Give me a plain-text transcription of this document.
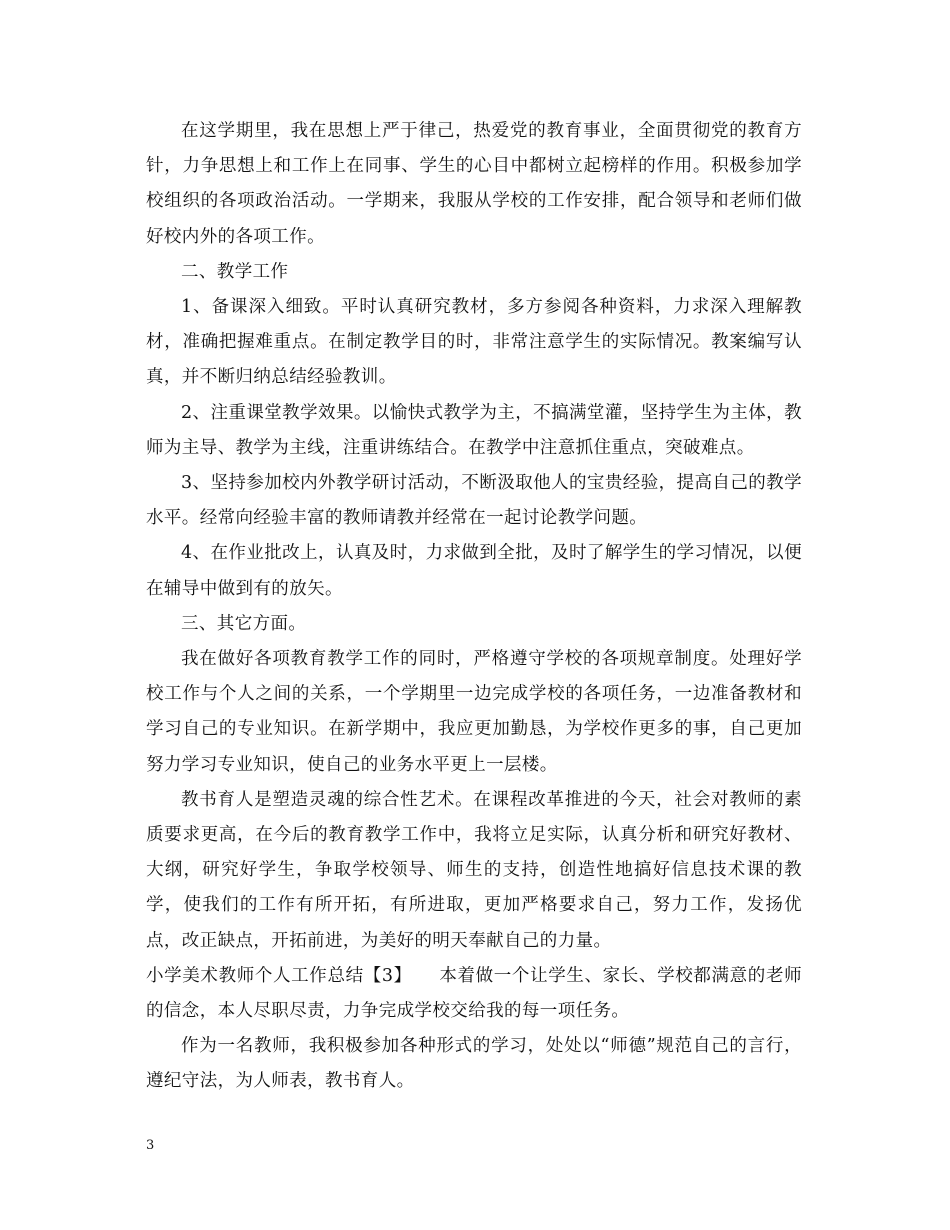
在这学期里，我在思想上严于律己，热爱党的教育事业，全面贯彻党的教育方针，力争思想上和工作上在同事、学生的心目中都树立起榜样的作用。积极参加学校组织的各项政治活动。一学期来，我服从学校的工作安排，配合领导和老师们做好校内外的各项工作。

二、教学工作

1、备课深入细致。平时认真研究教材，多方参阅各种资料，力求深入理解教材，准确把握难重点。在制定教学目的时，非常注意学生的实际情况。教案编写认真，并不断归纳总结经验教训。

2、注重课堂教学效果。以愉快式教学为主，不搞满堂灌，坚持学生为主体，教师为主导、教学为主线，注重讲练结合。在教学中注意抓住重点，突破难点。

3、坚持参加校内外教学研讨活动，不断汲取他人的宝贵经验，提高自己的教学水平。经常向经验丰富的教师请教并经常在一起讨论教学问题。

4、在作业批改上，认真及时，力求做到全批，及时了解学生的学习情况，以便在辅导中做到有的放矢。

三、其它方面。

我在做好各项教育教学工作的同时，严格遵守学校的各项规章制度。处理好学校工作与个人之间的关系，一个学期里一边完成学校的各项任务，一边准备教材和学习自己的专业知识。在新学期中，我应更加勤恳，为学校作更多的事，自己更加努力学习专业知识，使自己的业务水平更上一层楼。

教书育人是塑造灵魂的综合性艺术。在课程改革推进的今天，社会对教师的素质要求更高，在今后的教育教学工作中，我将立足实际，认真分析和研究好教材、大纲，研究好学生，争取学校领导、师生的支持，创造性地搞好信息技术课的教学，使我们的工作有所开拓，有所进取，更加严格要求自己，努力工作，发扬优点，改正缺点，开拓前进，为美好的明天奉献自己的力量。

小学美术教师个人工作总结【3】　　本着做一个让学生、家长、学校都满意的老师的信念，本人尽职尽责，力争完成学校交给我的每一项任务。

作为一名教师，我积极参加各种形式的学习，处处以“师德”规范自己的言行，遵纪守法，为人师表，教书育人。

3
